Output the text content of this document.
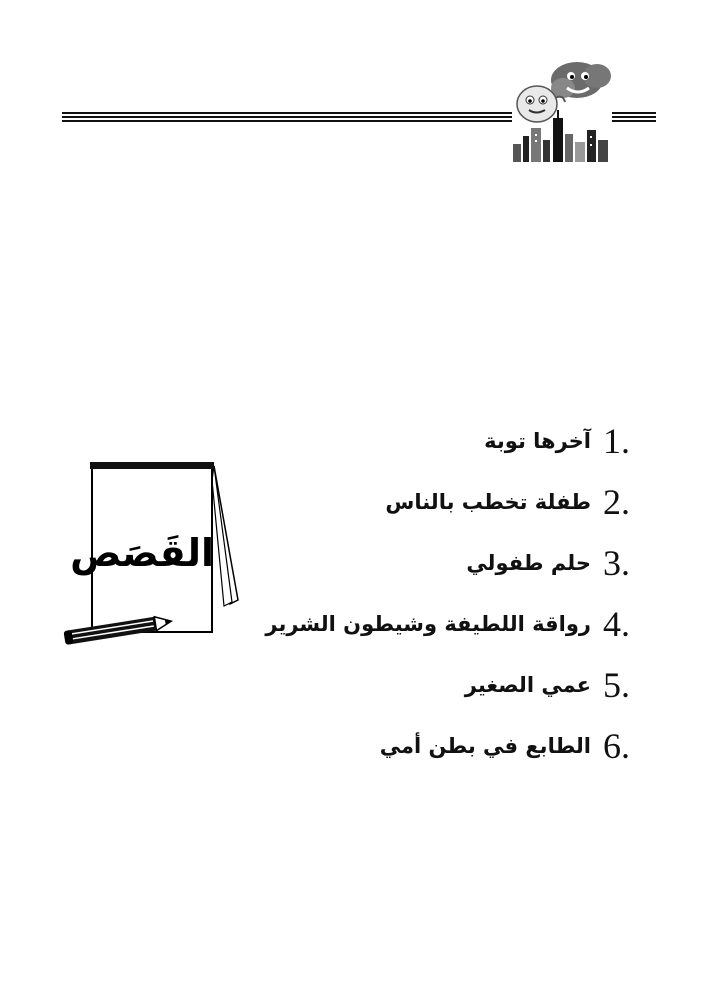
القَصَص
1.
آخرها توبة
2.
طفلة تخطب بالناس
3.
حلم طفولي
4.
رواقة اللطيفة وشيطون الشرير
5.
عمي الصغير
6.
الطابع في بطن أمي
